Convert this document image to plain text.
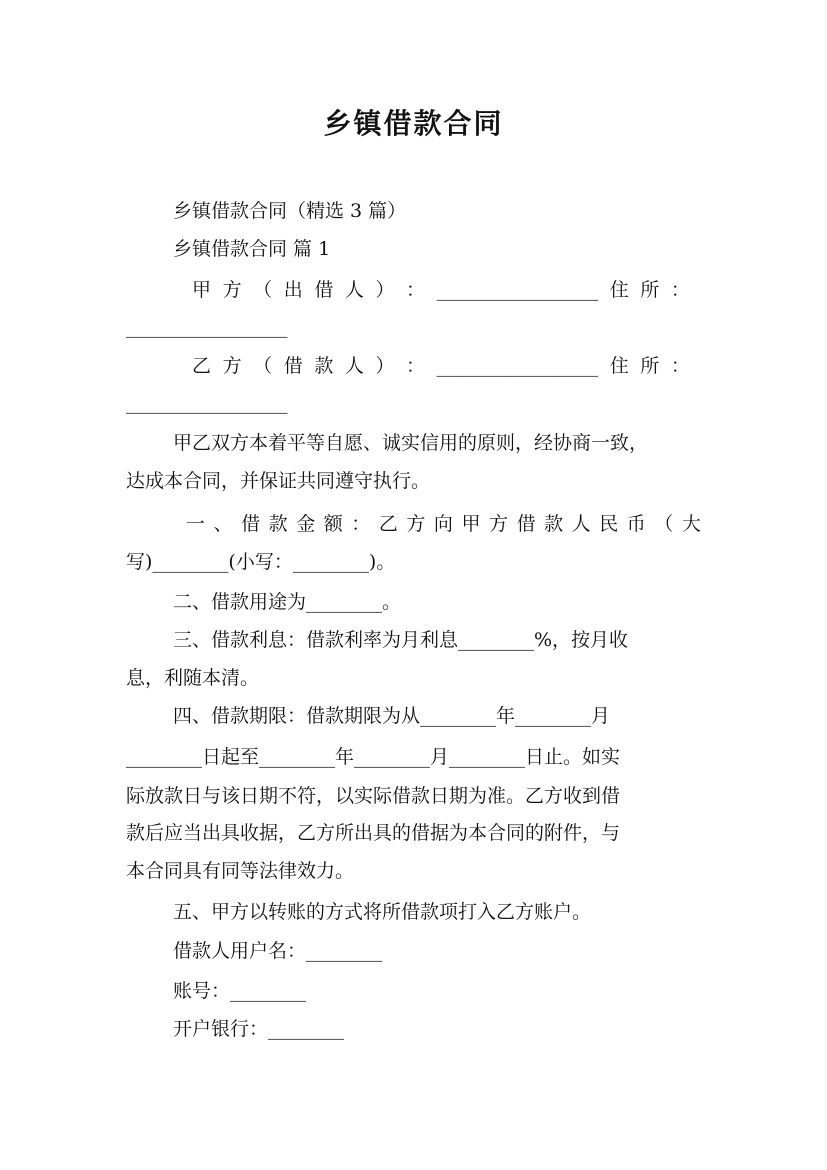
乡镇借款合同
乡镇借款合同（精选 3 篇）
乡镇借款合同 篇 1
甲 方 （ 出 借 人 ） ： _________________ 住 所 ：
_________________
乙 方 （ 借 款 人 ） ： _________________ 住 所 ：
_________________
甲乙双方本着平等自愿、诚实信用的原则，经协商一致，
达成本合同，并保证共同遵守执行。
一 、 借 款 金 额 ： 乙 方 向 甲 方 借 款 人 民 币 （ 大
写)________(小写：________)。
二、借款用途为________。
三、借款利息：借款利率为月利息________%，按月收
息，利随本清。
四、借款期限：借款期限为从________年________月
________日起至________年________月________日止。如实
际放款日与该日期不符，以实际借款日期为准。乙方收到借
款后应当出具收据，乙方所出具的借据为本合同的附件，与
本合同具有同等法律效力。
五、甲方以转账的方式将所借款项打入乙方账户。
借款人用户名：________
账号：________
开户银行：________
